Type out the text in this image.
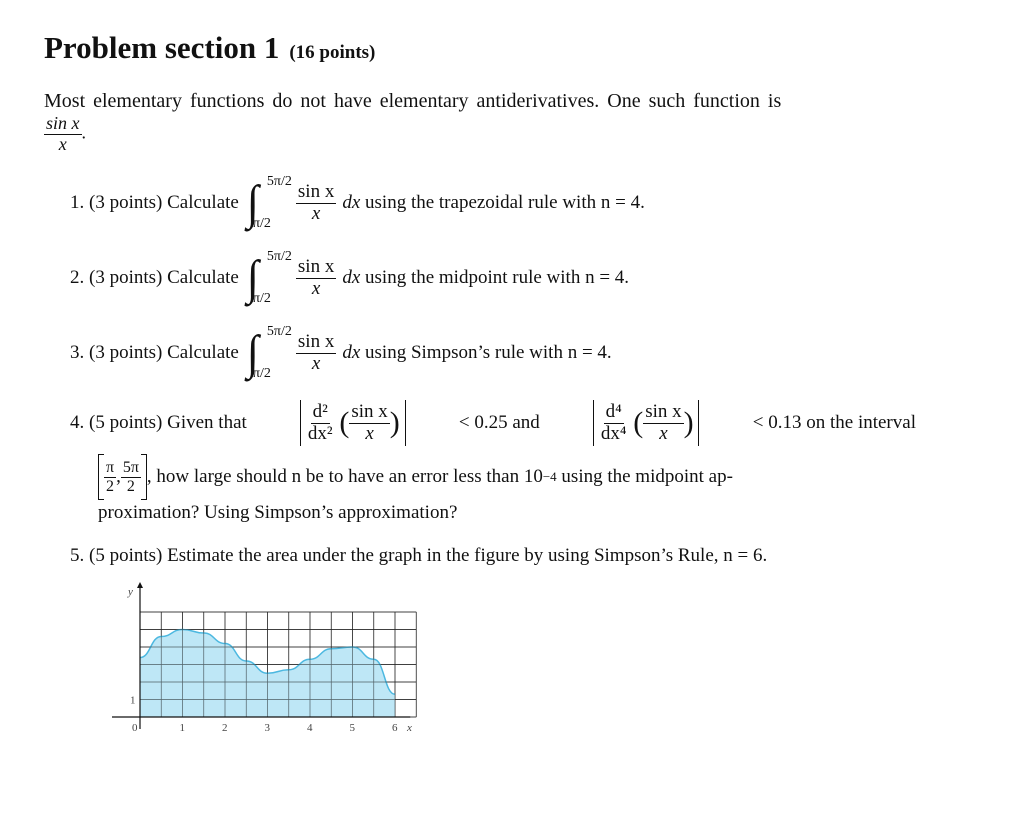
Problem section 1 (16 points)
Most elementary functions do not have elementary antiderivatives. One such function is
$\frac{\text{sin x}}{x}$ .
1.
(3 points) Calculate ∫ 5π/2
π/2	$\frac{\text{sin x}}{x}$ dx
using the trapezoidal rule with n = 4.
2.
(3 points) Calculate ∫ 5π/2
π/2	$\frac{\text{sin x}}{x}$ dx
using the midpoint rule with n = 4.
3.
(3 points) Calculate ∫ 5π/2
π/2	$\frac{\text{sin x}}{x}$ dx
using Simpson’s rule with n = 4.
4. (5 points) Given that
	$\frac{\text{d²}}{\text{dx²}}$ ( $\frac{\text{sin x}}{x}$ )	< 0.25 and
	$\frac{\text{d⁴}}{\text{dx⁴}}$ ( $\frac{\text{sin x}}{x}$ )	< 0.13 on the interval
$\frac{\pi}{2}$ , $\frac{5\pi}{2}$ , how large should n be to have an error less than 10 −4
using the midpoint ap-
proximation? Using Simpson’s approximation?
5. (5 points) Estimate the area under the graph in the figure by using Simpson’s Rule, n = 6.
y
0	1	2	3	4	5	6 x
1
